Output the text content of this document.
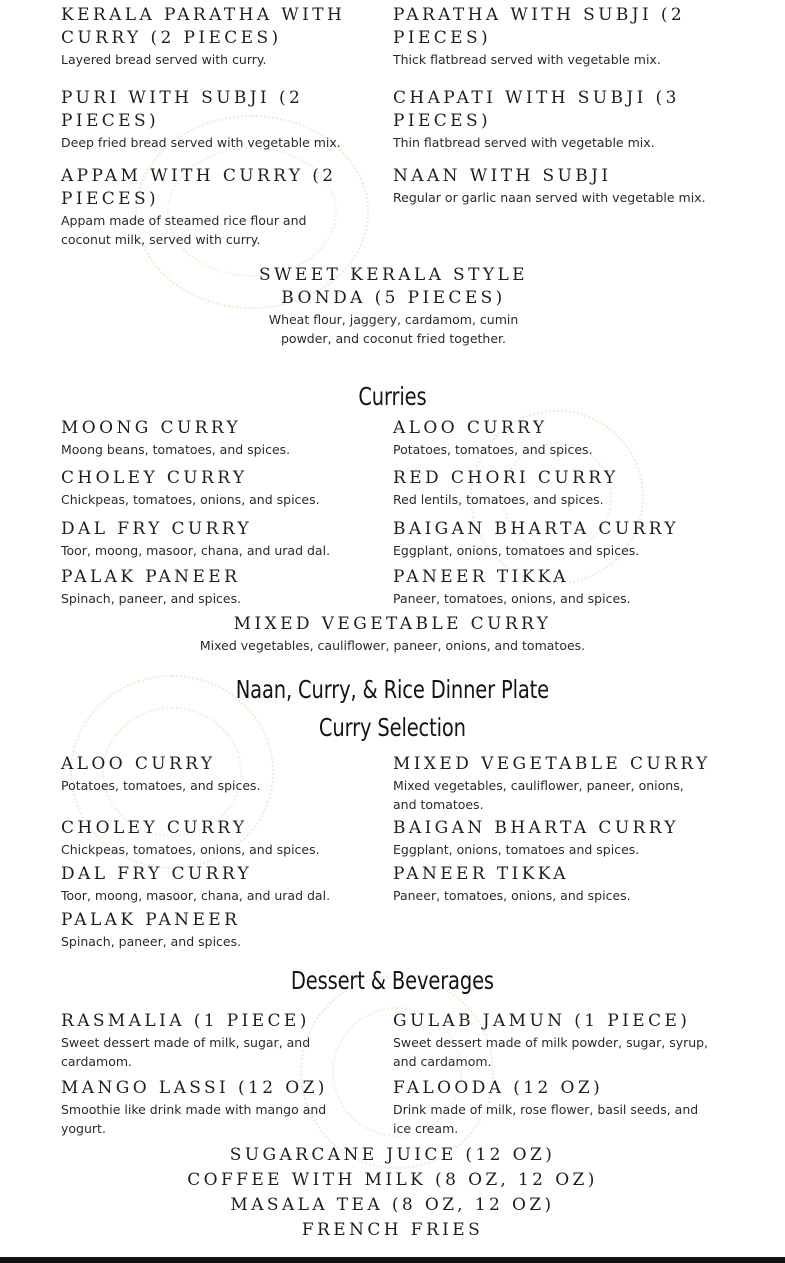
KERALA PARATHA WITH CURRY (2 PIECES)
Layered bread served with curry.
PARATHA WITH SUBJI (2 PIECES)
Thick flatbread served with vegetable mix.
PURI WITH SUBJI (2 PIECES)
Deep fried bread served with vegetable mix.
CHAPATI WITH SUBJI (3 PIECES)
Thin flatbread served with vegetable mix.
APPAM WITH CURRY (2 PIECES)
Appam made of steamed rice flour and coconut milk, served with curry.
NAAN WITH SUBJI
Regular or garlic naan served with vegetable mix.
SWEET KERALA STYLE BONDA (5 PIECES)
Wheat flour, jaggery, cardamom, cumin powder, and coconut fried together.
Curries
MOONG CURRY
Moong beans, tomatoes, and spices.
ALOO CURRY
Potatoes, tomatoes, and spices.
CHOLEY CURRY
Chickpeas, tomatoes, onions, and spices.
RED CHORI CURRY
Red lentils, tomatoes, and spices.
DAL FRY CURRY
Toor, moong, masoor, chana, and urad dal.
BAIGAN BHARTA CURRY
Eggplant, onions, tomatoes and spices.
PALAK PANEER
Spinach, paneer, and spices.
PANEER TIKKA
Paneer, tomatoes, onions, and spices.
MIXED VEGETABLE CURRY
Mixed vegetables, cauliflower, paneer, onions, and tomatoes.
Naan, Curry, & Rice Dinner Plate
Curry Selection
ALOO CURRY
Potatoes, tomatoes, and spices.
MIXED VEGETABLE CURRY
Mixed vegetables, cauliflower, paneer, onions, and tomatoes.
CHOLEY CURRY
Chickpeas, tomatoes, onions, and spices.
BAIGAN BHARTA CURRY
Eggplant, onions, tomatoes and spices.
DAL FRY CURRY
Toor, moong, masoor, chana, and urad dal.
PANEER TIKKA
Paneer, tomatoes, onions, and spices.
PALAK PANEER
Spinach, paneer, and spices.
Dessert & Beverages
RASMALIA (1 PIECE)
Sweet dessert made of milk, sugar, and cardamom.
GULAB JAMUN (1 PIECE)
Sweet dessert made of milk powder, sugar, syrup, and cardamom.
MANGO LASSI (12 OZ)
Smoothie like drink made with mango and yogurt.
FALOODA (12 OZ)
Drink made of milk, rose flower, basil seeds, and ice cream.
SUGARCANE JUICE (12 OZ)
COFFEE WITH MILK (8 OZ, 12 OZ)
MASALA TEA (8 OZ, 12 OZ)
FRENCH FRIES
